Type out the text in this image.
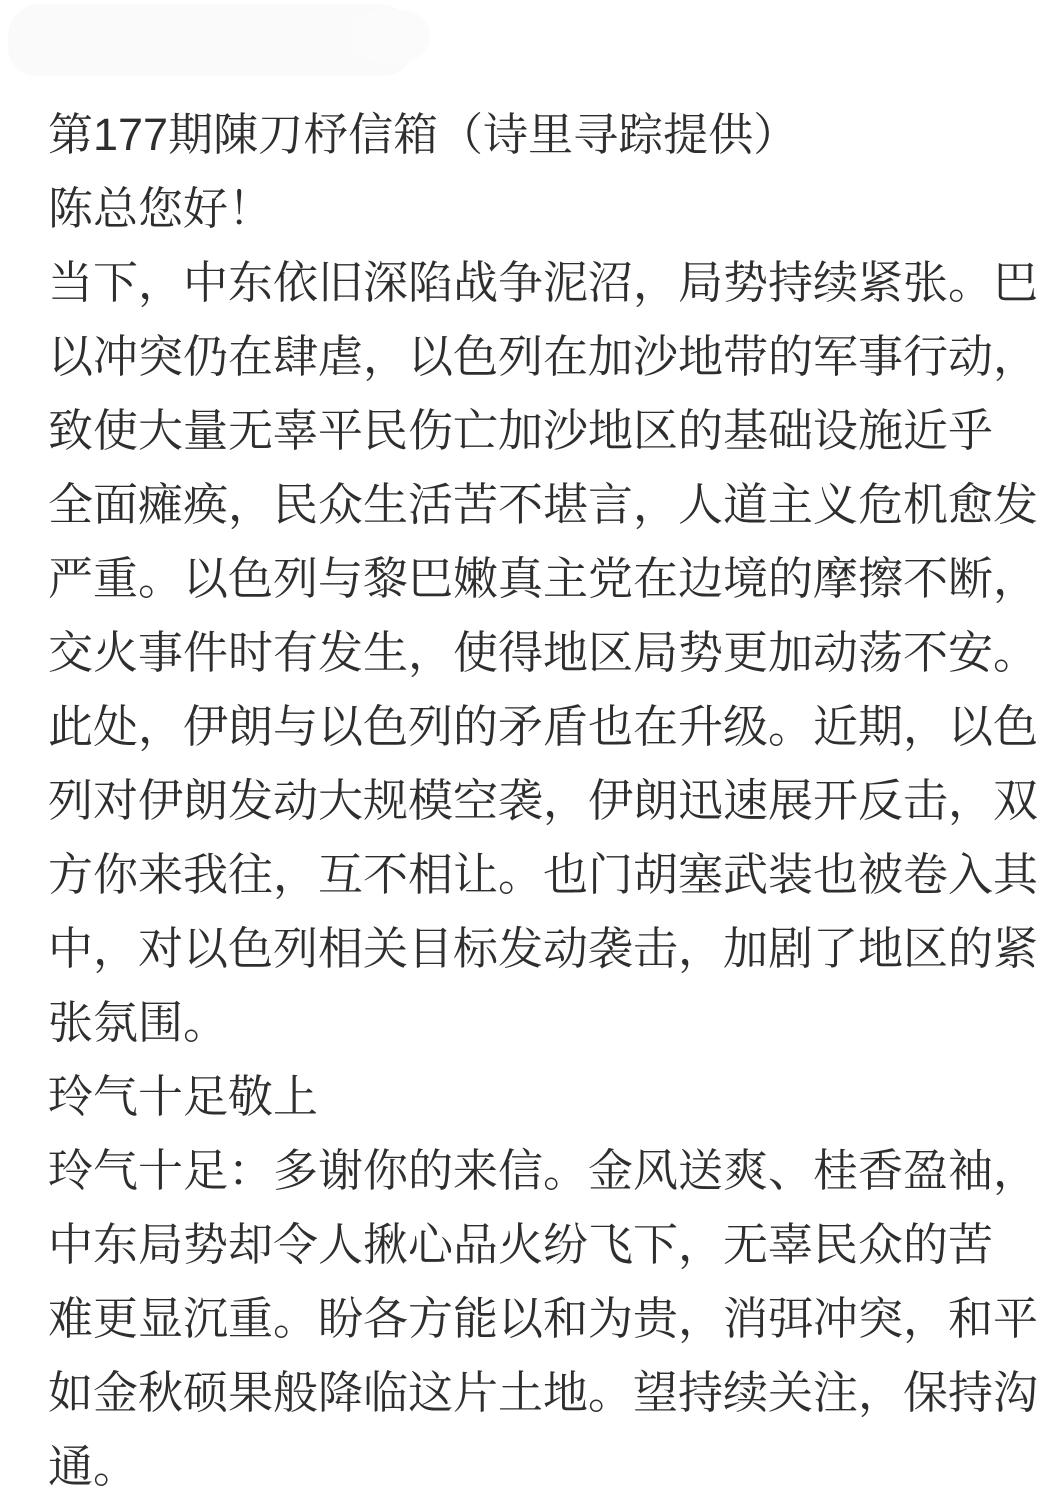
第177期陳刀杼信箱（诗里寻踪提供）
陈总您好！
当下，中东依旧深陷战争泥沼，局势持续紧张。巴
以冲突仍在肆虐，以色列在加沙地带的军事行动，
致使大量无辜平民伤亡加沙地区的基础设施近乎
全面瘫痪，民众生活苦不堪言，人道主义危机愈发
严重。以色列与黎巴嫩真主党在边境的摩擦不断，
交火事件时有发生，使得地区局势更加动荡不安。
此处，伊朗与以色列的矛盾也在升级。近期，以色
列对伊朗发动大规模空袭，伊朗迅速展开反击，双
方你来我往，互不相让。也门胡塞武装也被卷入其
中，对以色列相关目标发动袭击，加剧了地区的紧
张氛围。
玲气十足敬上
玲气十足：多谢你的来信。金风送爽、桂香盈袖，
中东局势却令人揪心品火纷飞下，无辜民众的苦
难更显沉重。盼各方能以和为贵，消弭冲突，和平
如金秋硕果般降临这片土地。望持续关注，保持沟
通。
